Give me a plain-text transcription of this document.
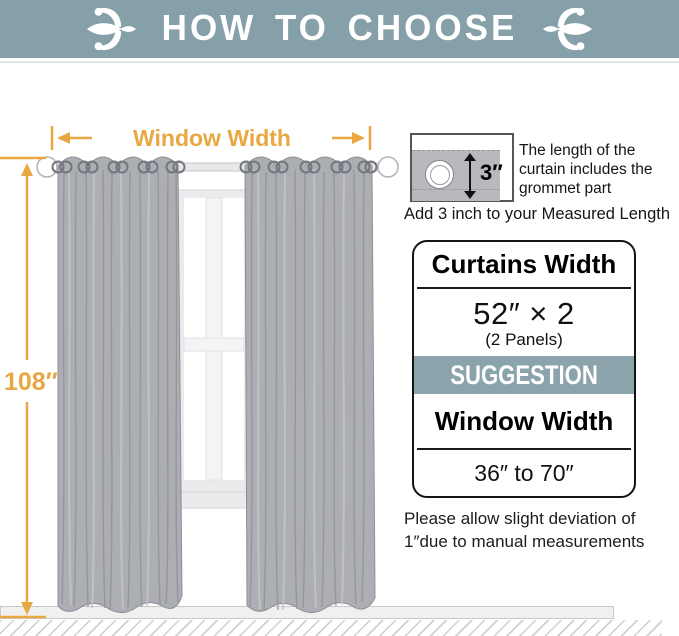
HOW TO CHOOSE
Window Width
108″
3″
The length of the curtain includes the grommet part
Add 3 inch to your Measured Length
Curtains Width
52″ × 2
(2 Panels)
SUGGESTION
Window Width
36″ to 70″
Please allow slight deviation of
1″due to manual measurements
